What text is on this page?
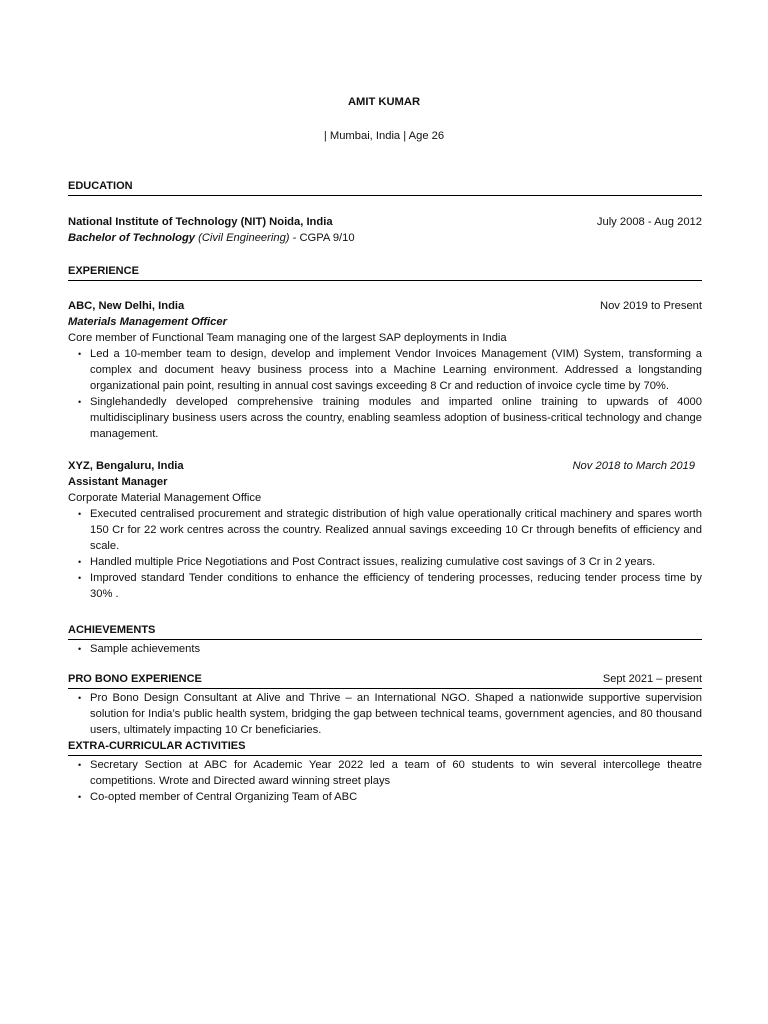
AMIT KUMAR
| Mumbai, India | Age 26
EDUCATION
National Institute of Technology (NIT) Noida, India	July 2008 - Aug 2012
Bachelor of Technology (Civil Engineering) - CGPA 9/10
EXPERIENCE
ABC, New Delhi, India	Nov 2019 to Present
Materials Management Officer
Core member of Functional Team managing one of the largest SAP deployments in India
• Led a 10-member team to design, develop and implement Vendor Invoices Management (VIM) System, transforming a complex and document heavy business process into a Machine Learning environment. Addressed a longstanding organizational pain point, resulting in annual cost savings exceeding 8 Cr and reduction of invoice cycle time by 70%.
• Singlehandedly developed comprehensive training modules and imparted online training to upwards of 4000 multidisciplinary business users across the country, enabling seamless adoption of business-critical technology and change management.
XYZ, Bengaluru, India	Nov 2018 to March 2019
Assistant Manager
Corporate Material Management Office
• Executed centralised procurement and strategic distribution of high value operationally critical machinery and spares worth 150 Cr for 22 work centres across the country. Realized annual savings exceeding 10 Cr through benefits of efficiency and scale.
• Handled multiple Price Negotiations and Post Contract issues, realizing cumulative cost savings of 3 Cr in 2 years.
• Improved standard Tender conditions to enhance the efficiency of tendering processes, reducing tender process time by 30% .
ACHIEVEMENTS
• Sample achievements
PRO BONO EXPERIENCE	Sept 2021 – present
• Pro Bono Design Consultant at Alive and Thrive – an International NGO. Shaped a nationwide supportive supervision solution for India’s public health system, bridging the gap between technical teams, government agencies, and 80 thousand users, ultimately impacting 10 Cr beneficiaries.
EXTRA-CURRICULAR ACTIVITIES
• Secretary Section at ABC for Academic Year 2022 led a team of 60 students to win several intercollege theatre competitions. Wrote and Directed award winning street plays
• Co-opted member of Central Organizing Team of ABC
